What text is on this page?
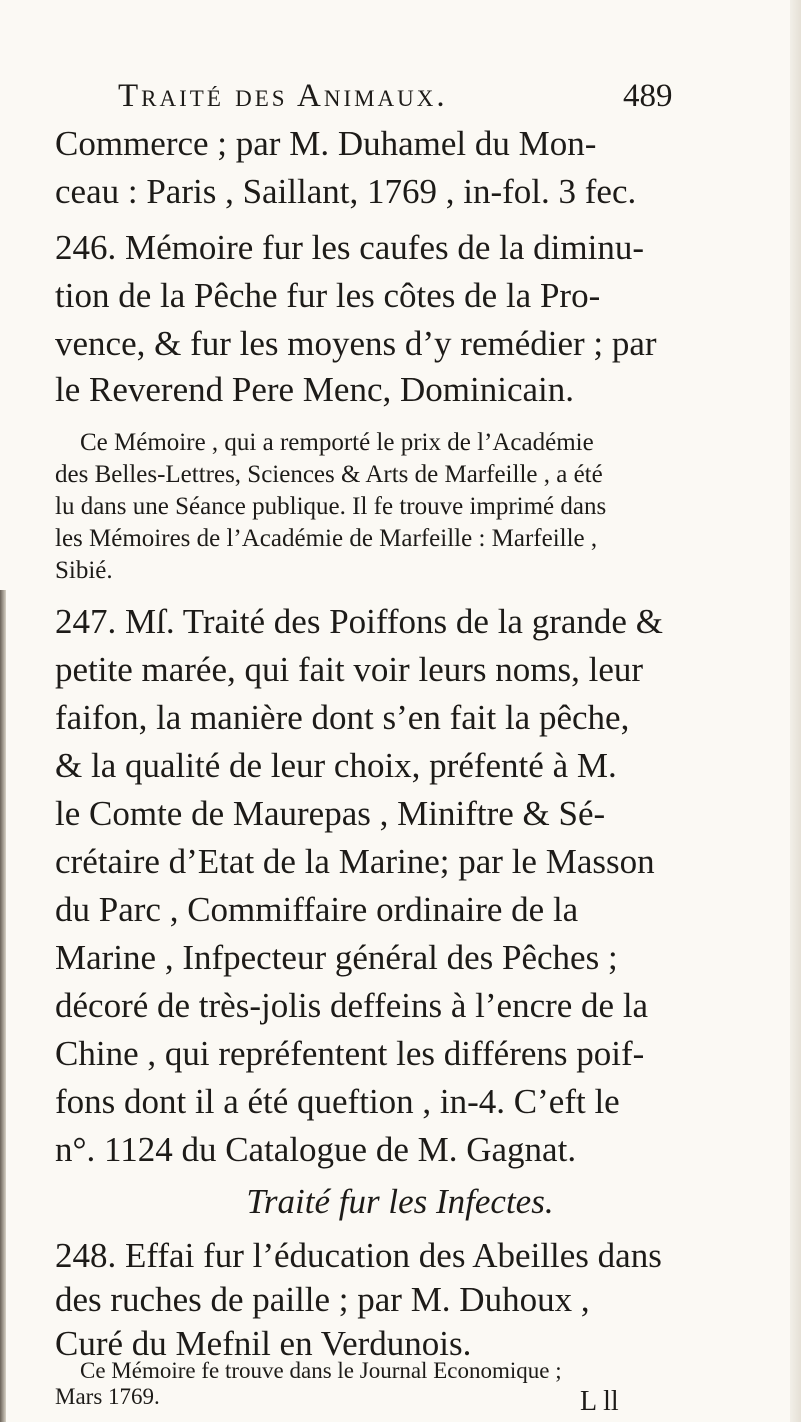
Traité des Animaux.	489
Commerce ; par M. Duhamel du Mon-
ceau : Paris , Saillant, 1769 , in-fol. 3 fec.
246. Mémoire fur les caufes de la diminu-
tion de la Pêche fur les côtes de la Pro-
vence, & fur les moyens d’y remédier ; par
le Reverend Pere Menc, Dominicain.
Ce Mémoire , qui a remporté le prix de l’Académie
des Belles-Lettres, Sciences & Arts de Marfeille , a été
lu dans une Séance publique. Il fe trouve imprimé dans
les Mémoires de l’Académie de Marfeille : Marfeille ,
Sibié.
247. Mſ. Traité des Poiffons de la grande &
petite marée, qui fait voir leurs noms, leur
faifon, la manière dont s’en fait la pêche,
& la qualité de leur choix, préfenté à M.
le Comte de Maurepas , Miniftre & Sé-
crétaire d’Etat de la Marine; par le Masson
du Parc , Commiffaire ordinaire de la
Marine , Infpecteur général des Pêches ;
décoré de très-jolis deffeins à l’encre de la
Chine , qui repréfentent les différens poif-
fons dont il a été queftion , in-4. C’eft le
n°. 1124 du Catalogue de M. Gagnat.
Traité fur les Infectes.
248. Effai fur l’éducation des Abeilles dans
des ruches de paille ; par M. Duhoux ,
Curé du Mefnil en Verdunois.
Ce Mémoire fe trouve dans le Journal Economique ;
Mars 1769.	L ll
